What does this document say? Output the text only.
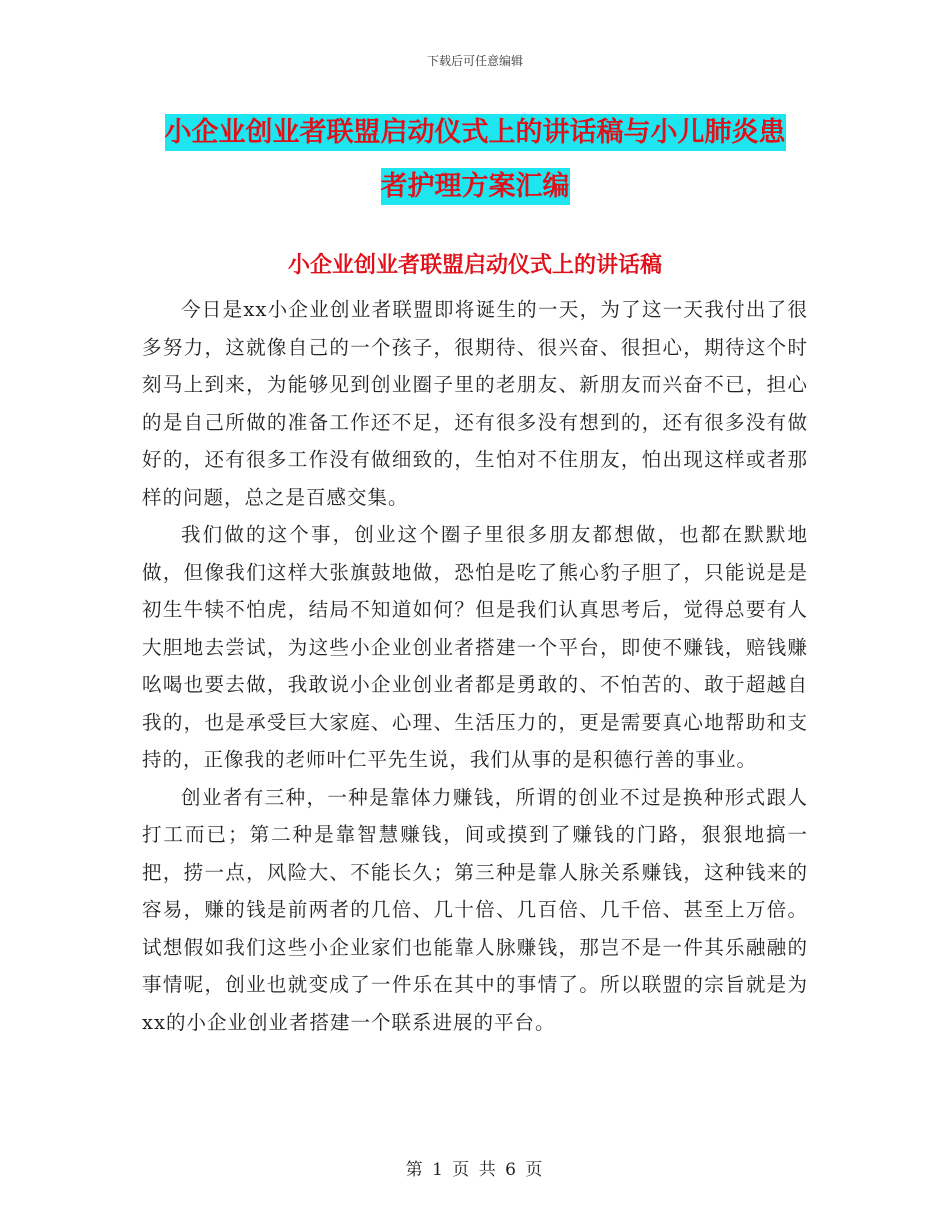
下载后可任意编辑
小企业创业者联盟启动仪式上的讲话稿与小儿肺炎患
者护理方案汇编
小企业创业者联盟启动仪式上的讲话稿

今日是xx小企业创业者联盟即将诞生的一天，为了这一天我付出了很多努力，这就像自己的一个孩子，很期待、很兴奋、很担心，期待这个时刻马上到来，为能够见到创业圈子里的老朋友、新朋友而兴奋不已，担心的是自己所做的准备工作还不足，还有很多没有想到的，还有很多没有做好的，还有很多工作没有做细致的，生怕对不住朋友，怕出现这样或者那样的问题，总之是百感交集。

我们做的这个事，创业这个圈子里很多朋友都想做，也都在默默地做，但像我们这样大张旗鼓地做，恐怕是吃了熊心豹子胆了，只能说是是初生牛犊不怕虎，结局不知道如何？但是我们认真思考后，觉得总要有人大胆地去尝试，为这些小企业创业者搭建一个平台，即使不赚钱，赔钱赚吆喝也要去做，我敢说小企业创业者都是勇敢的、不怕苦的、敢于超越自我的，也是承受巨大家庭、心理、生活压力的，更是需要真心地帮助和支持的，正像我的老师叶仁平先生说，我们从事的是积德行善的事业。

创业者有三种，一种是靠体力赚钱，所谓的创业不过是换种形式跟人打工而已；第二种是靠智慧赚钱，间或摸到了赚钱的门路，狠狠地搞一把，捞一点，风险大、不能长久；第三种是靠人脉关系赚钱，这种钱来的容易，赚的钱是前两者的几倍、几十倍、几百倍、几千倍、甚至上万倍。试想假如我们这些小企业家们也能靠人脉赚钱，那岂不是一件其乐融融的事情呢，创业也就变成了一件乐在其中的事情了。所以联盟的宗旨就是为xx的小企业创业者搭建一个联系进展的平台。

第 1 页 共 6 页
